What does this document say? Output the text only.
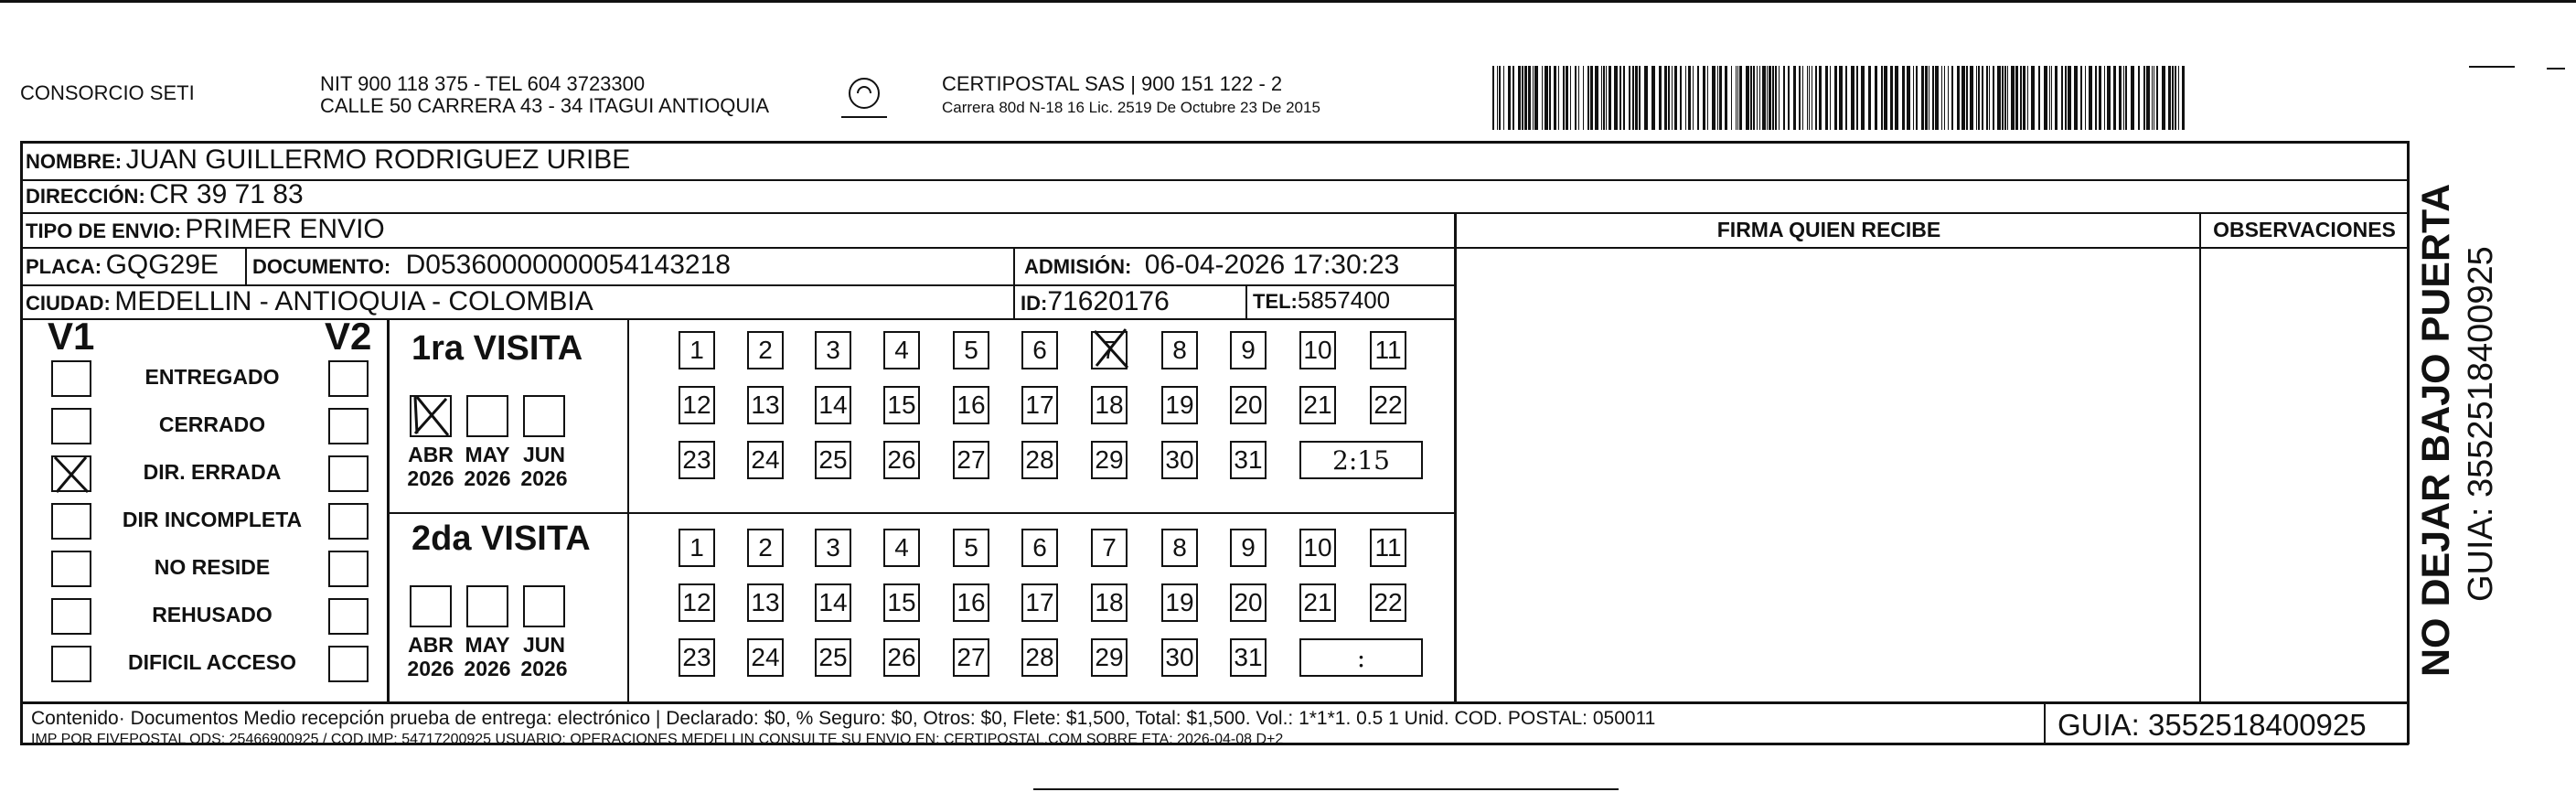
CONSORCIO SETI	NIT 900 118 375 - TEL 604 3723300
CALLE 50 CARRERA 43 - 34 ITAGUI ANTIOQUIA
CERTIPOSTAL SAS | 900 151 122 - 2
Carrera 80d N-18 16 Lic. 2519 De Octubre 23 De 2015
NOMBRE: JUAN GUILLERMO RODRIGUEZ URIBE
DIRECCIÓN: CR 39 71 83
TIPO DE ENVIO: PRIMER ENVIO
PLACA: GQG29E DOCUMENTO: D05360000000054143218	ADMISIÓN: 06-04-2026 17:30:23
CIUDAD: MEDELLIN - ANTIOQUIA - COLOMBIA	ID:71620176	TEL:5857400
FIRMA QUIEN RECIBE	OBSERVACIONES
V1	V2
ENTREGADO
CERRADO
DIR. ERRADA
DIR INCOMPLETA
NO RESIDE
REHUSADO
DIFICIL ACCESO
1ra VISITA
ABR
2026
MAY
2026
JUN
2026
1	2	3	4	5	6	7	8	9	10 11
12 13 14 15 16 17 18 19 20 21 22
23 24 25 26 27 28 29 30 31	2:15
2da VISITA
ABR
2026
MAY
2026
JUN
2026
1	2	3	4	5	6	7	8	9	10 11
12 13 14 15 16 17 18 19 20 21 22
23 24 25 26 27 28 29 30 31	:
Contenido· Documentos Medio recepción prueba de entrega: electrónico | Declarado: $0, % Seguro: $0, Otros: $0, Flete: $1,500, Total: $1,500. Vol.: 1*1*1. 0.5 1 Unid. COD. POSTAL: 050011
IMP POR FIVEPOSTAL ODS: 25466900925 / COD.IMP: 54717200925 USUARIO: OPERACIONES MEDELLIN CONSULTE SU ENVIO EN: CERTIPOSTAL.COM SOBRE ETA: 2026-04-08 D+2	GUIA: 3552518400925
NO DEJAR BAJO PUERTA GUIA: 3552518400925
